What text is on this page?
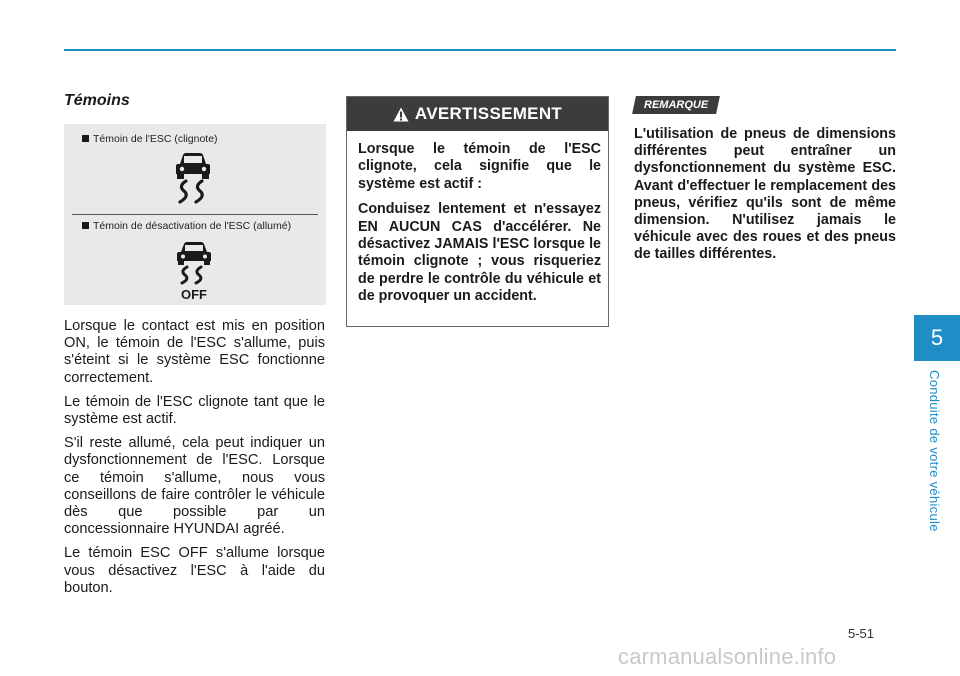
Témoins
Témoin de l'ESC (clignote)
Témoin de désactivation de l'ESC (allumé)
OFF

Lorsque le contact est mis en position ON, le témoin de l'ESC s'allume, puis s'éteint si le système ESC fonctionne correctement.

Le témoin de l'ESC clignote tant que le système est actif.

S'il reste allumé, cela peut indiquer un dysfonctionnement de l'ESC. Lorsque ce témoin s'allume, nous vous conseillons de faire contrôler le véhicule dès que possible par un concessionnaire HYUNDAI agréé.

Le témoin ESC OFF s'allume lorsque vous désactivez l'ESC à l'aide du bouton.

AVERTISSEMENT

Lorsque le témoin de l'ESC clignote, cela signifie que le système est actif :

Conduisez lentement et n'essayez EN AUCUN CAS d'accélérer. Ne désactivez JAMAIS l'ESC lorsque le témoin clignote ; vous risqueriez de perdre le contrôle du véhicule et de provoquer un accident.

REMARQUE
L'utilisation de pneus de dimensions différentes peut entraîner un dysfonctionnement du système ESC. Avant d'effectuer le remplacement des pneus, vérifiez qu'ils sont de même dimension. N'utilisez jamais le véhicule avec des roues et des pneus de tailles différentes.
5
Conduite de votre véhicule
5-51
carmanualsonline.info
